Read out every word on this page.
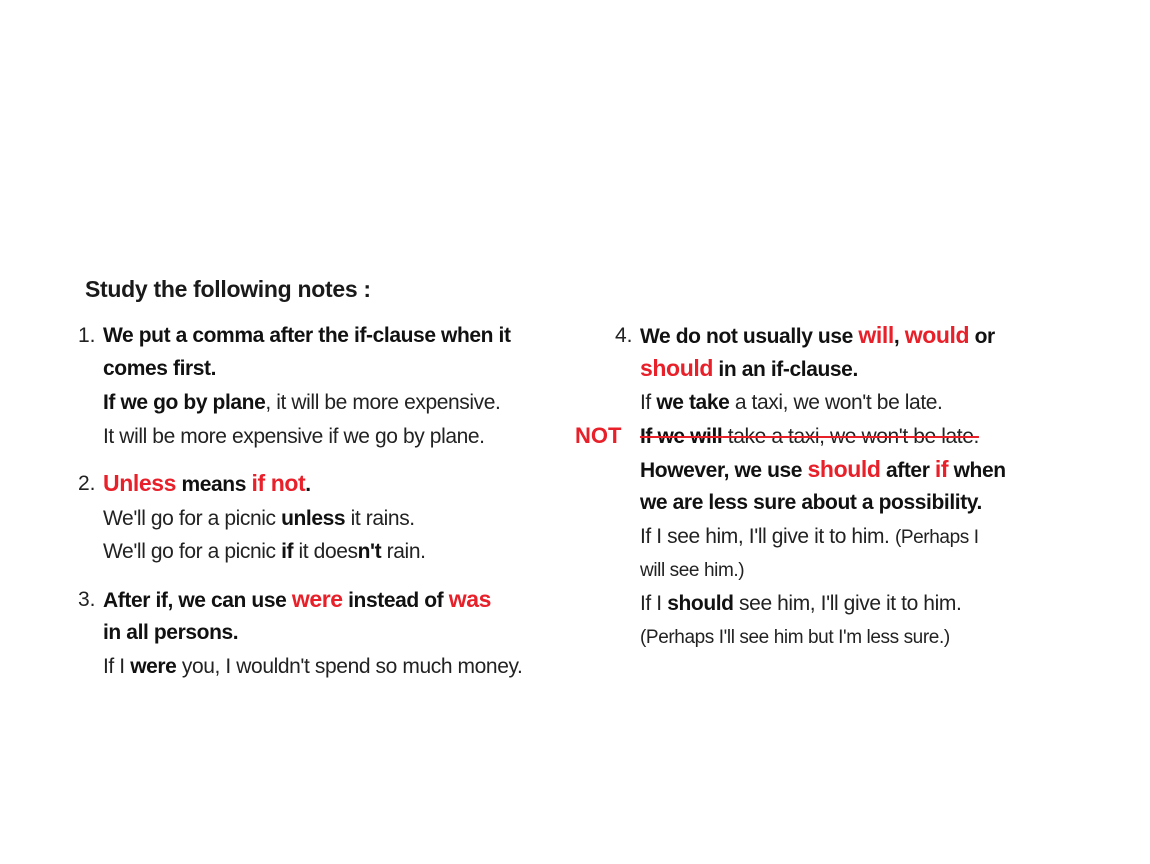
Study the following notes :
1. We put a comma after the if-clause when it
comes first.
If we go by plane, it will be more expensive.
It will be more expensive if we go by plane.
2. Unless means if not.
We'll go for a picnic unless it rains.
We'll go for a picnic if it doesn't rain.
3. After if, we can use were instead of was
in all persons.
If I were you, I wouldn't spend so much money.
4. We do not usually use will, would or
should in an if-clause.
If we take a taxi, we won't be late.
NOT If we will take a taxi, we won't be late.
However, we use should after if when
we are less sure about a possibility.
If I see him, I'll give it to him. (Perhaps I
will see him.)
If I should see him, I'll give it to him.
(Perhaps I'll see him but I'm less sure.)
